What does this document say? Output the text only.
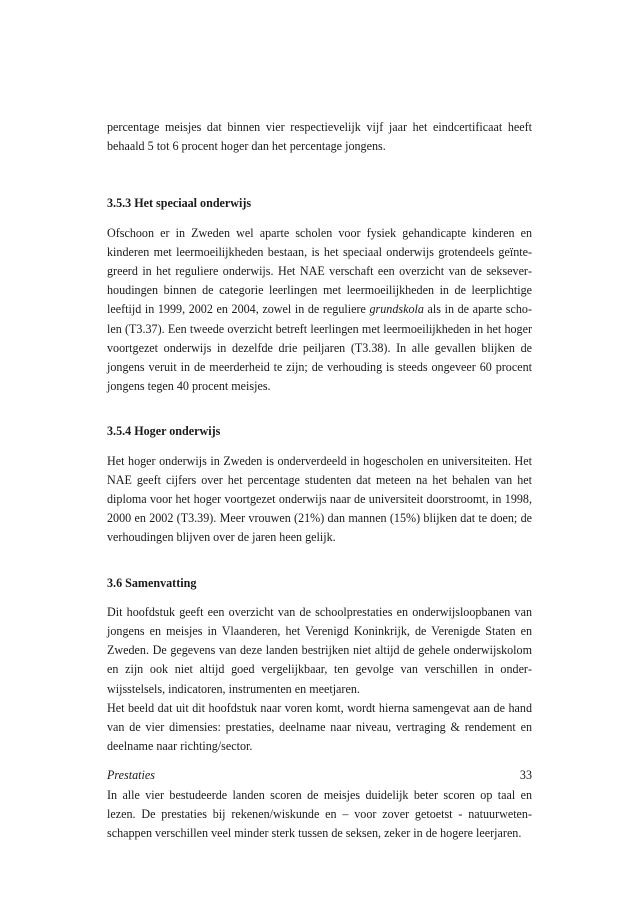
percentage meisjes dat binnen vier respectievelijk vijf jaar het eindcertificaat heeft behaald 5 tot 6 procent hoger dan het percentage jongens.

3.5.3 Het speciaal onderwijs

Ofschoon er in Zweden wel aparte scholen voor fysiek gehandicapte kinderen en kinderen met leermoeilijkheden bestaan, is het speciaal onderwijs grotendeels geïntegreerd in het reguliere onderwijs. Het NAE verschaft een overzicht van de sekseverhoudingen binnen de categorie leerlingen met leermoeilijkheden in de leerplichtige leeftijd in 1999, 2002 en 2004, zowel in de reguliere grundskola als in de aparte scholen (T3.37). Een tweede overzicht betreft leerlingen met leermoeilijkheden in het hoger voortgezet onderwijs in dezelfde drie peiljaren (T3.38). In alle gevallen blijken de jongens veruit in de meerderheid te zijn; de verhouding is steeds ongeveer 60 procent jongens tegen 40 procent meisjes.

3.5.4 Hoger onderwijs

Het hoger onderwijs in Zweden is onderverdeeld in hogescholen en universiteiten. Het NAE geeft cijfers over het percentage studenten dat meteen na het behalen van het diploma voor het hoger voortgezet onderwijs naar de universiteit doorstroomt, in 1998, 2000 en 2002 (T3.39). Meer vrouwen (21%) dan mannen (15%) blijken dat te doen; de verhoudingen blijven over de jaren heen gelijk.

3.6 Samenvatting

Dit hoofdstuk geeft een overzicht van de schoolprestaties en onderwijsloopbanen van jongens en meisjes in Vlaanderen, het Verenigd Koninkrijk, de Verenigde Staten en Zweden. De gegevens van deze landen bestrijken niet altijd de gehele onderwijskolom en zijn ook niet altijd goed vergelijkbaar, ten gevolge van verschillen in onderwijsstelsels, indicatoren, instrumenten en meetjaren.

Het beeld dat uit dit hoofdstuk naar voren komt, wordt hierna samengevat aan de hand van de vier dimensies: prestaties, deelname naar niveau, vertraging & rendement en deelname naar richting/sector.

Prestaties

In alle vier bestudeerde landen scoren de meisjes duidelijk beter scoren op taal en lezen. De prestaties bij rekenen/wiskunde en – voor zover getoetst - natuurwetenschappen verschillen veel minder sterk tussen de seksen, zeker in de hogere leerjaren.

33
